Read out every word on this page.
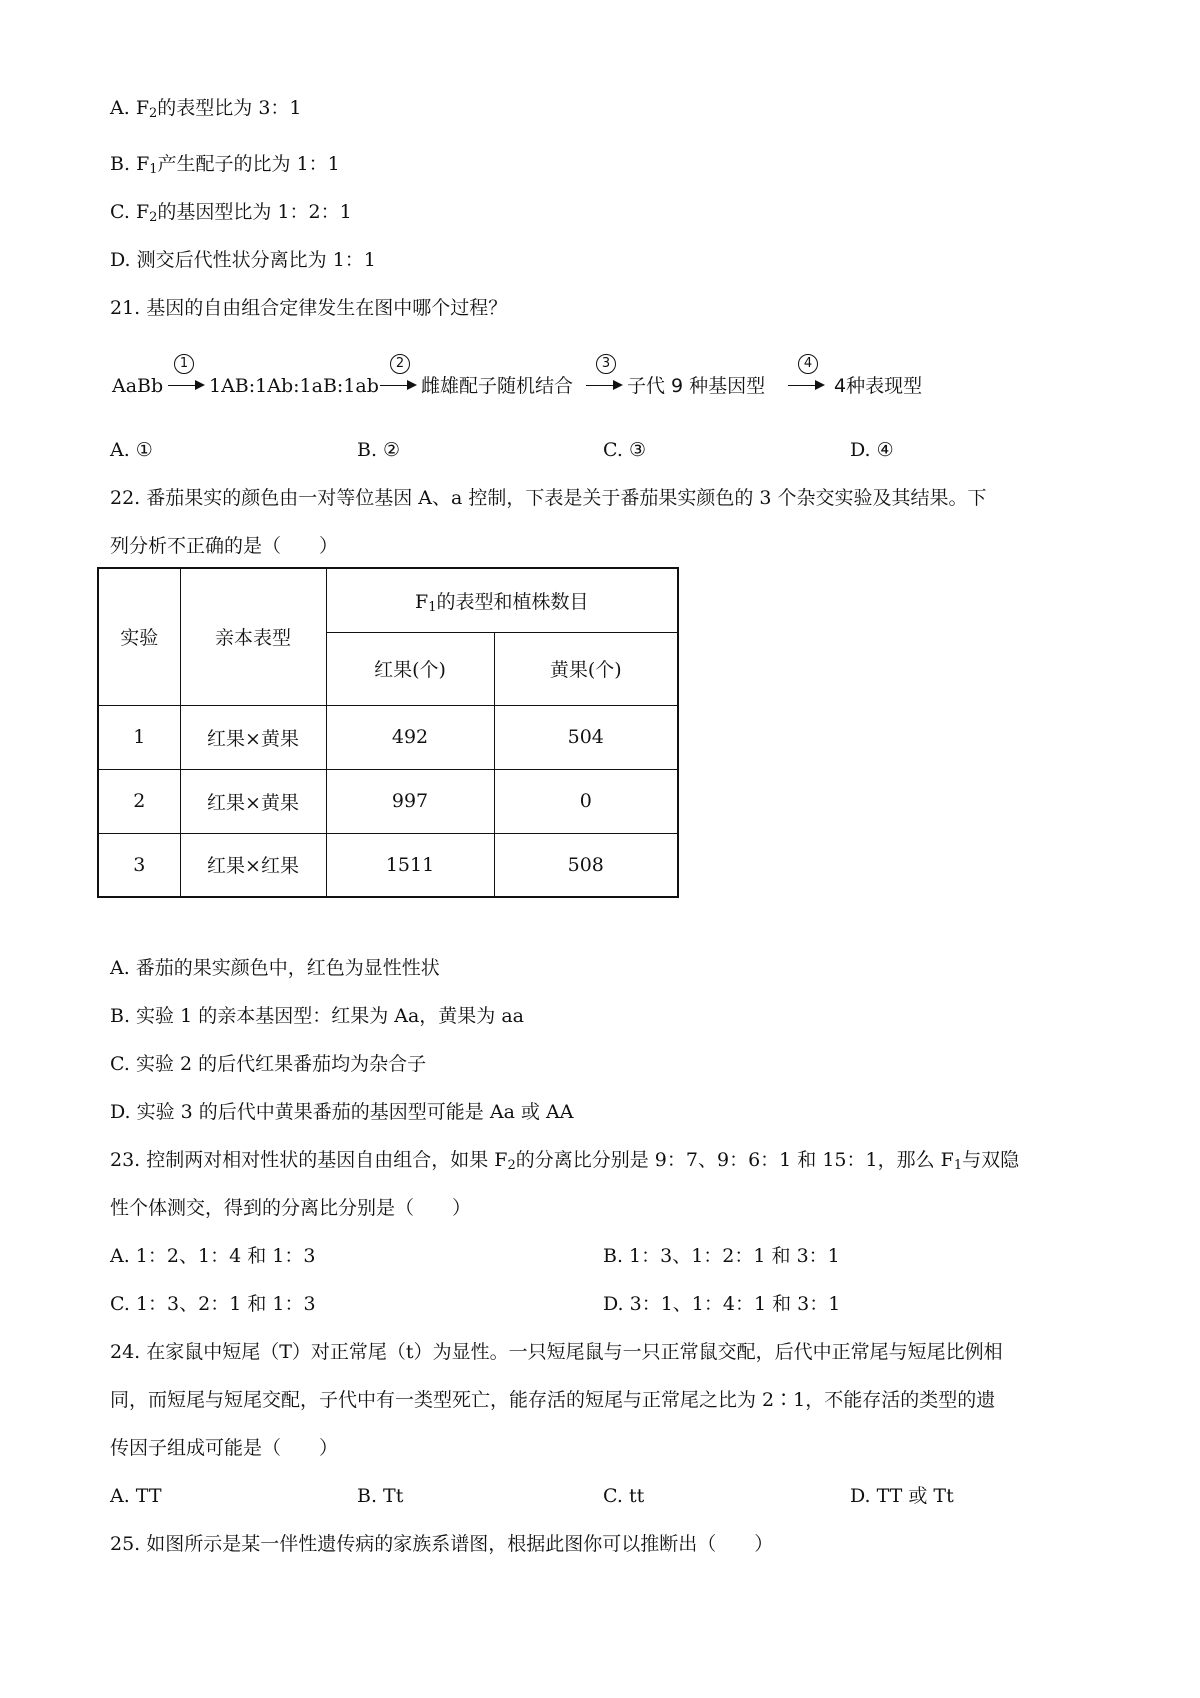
A. $F_2$的表型比为 3：1
B. $F_1$产生配子的比为 1：1
C. $F_2$的基因型比为 1：2：1
D. 测交后代性状分离比为 1：1
21. 基因的自由组合定律发生在图中哪个过程？
AaBb
1
1AB:1Ab:1aB:1ab
2
雌雄配子随机结合
3
子代 9 种基因型
4
4种表现型
A. ①	B. ②	C. ③	D. ④
22. 番茄果实的颜色由一对等位基因 A、a 控制，下表是关于番茄果实颜色的 3 个杂交实验及其结果。下
列分析不正确的是（　　）
实验	亲本表型	$F_1$的表型和植株数目	
		红果(个)	黄果(个)
1	红果×黄果	492	504
2	红果×黄果	997	0
3	红果×红果	1511	508
A. 番茄的果实颜色中，红色为显性性状
B. 实验 1 的亲本基因型：红果为 Aa，黄果为 aa
C. 实验 2 的后代红果番茄均为杂合子
D. 实验 3 的后代中黄果番茄的基因型可能是 Aa 或 AA
23. 控制两对相对性状的基因自由组合，如果 $F_2$的分离比分别是 9：7、9：6：1 和 15：1，那么 $F_1$与双隐
性个体测交，得到的分离比分别是（　　）
A. 1：2、1：4 和 1：3	B. 1：3、1：2：1 和 3：1
C. 1：3、2：1 和 1：3	D. 3：1、1：4：1 和 3：1
24. 在家鼠中短尾（T）对正常尾（t）为显性。一只短尾鼠与一只正常鼠交配，后代中正常尾与短尾比例相
同，而短尾与短尾交配，子代中有一类型死亡，能存活的短尾与正常尾之比为 2∶1，不能存活的类型的遗
传因子组成可能是（　　）
A. TT	B. Tt	C. tt	D. TT 或 Tt
25. 如图所示是某一伴性遗传病的家族系谱图，根据此图你可以推断出（　　）
